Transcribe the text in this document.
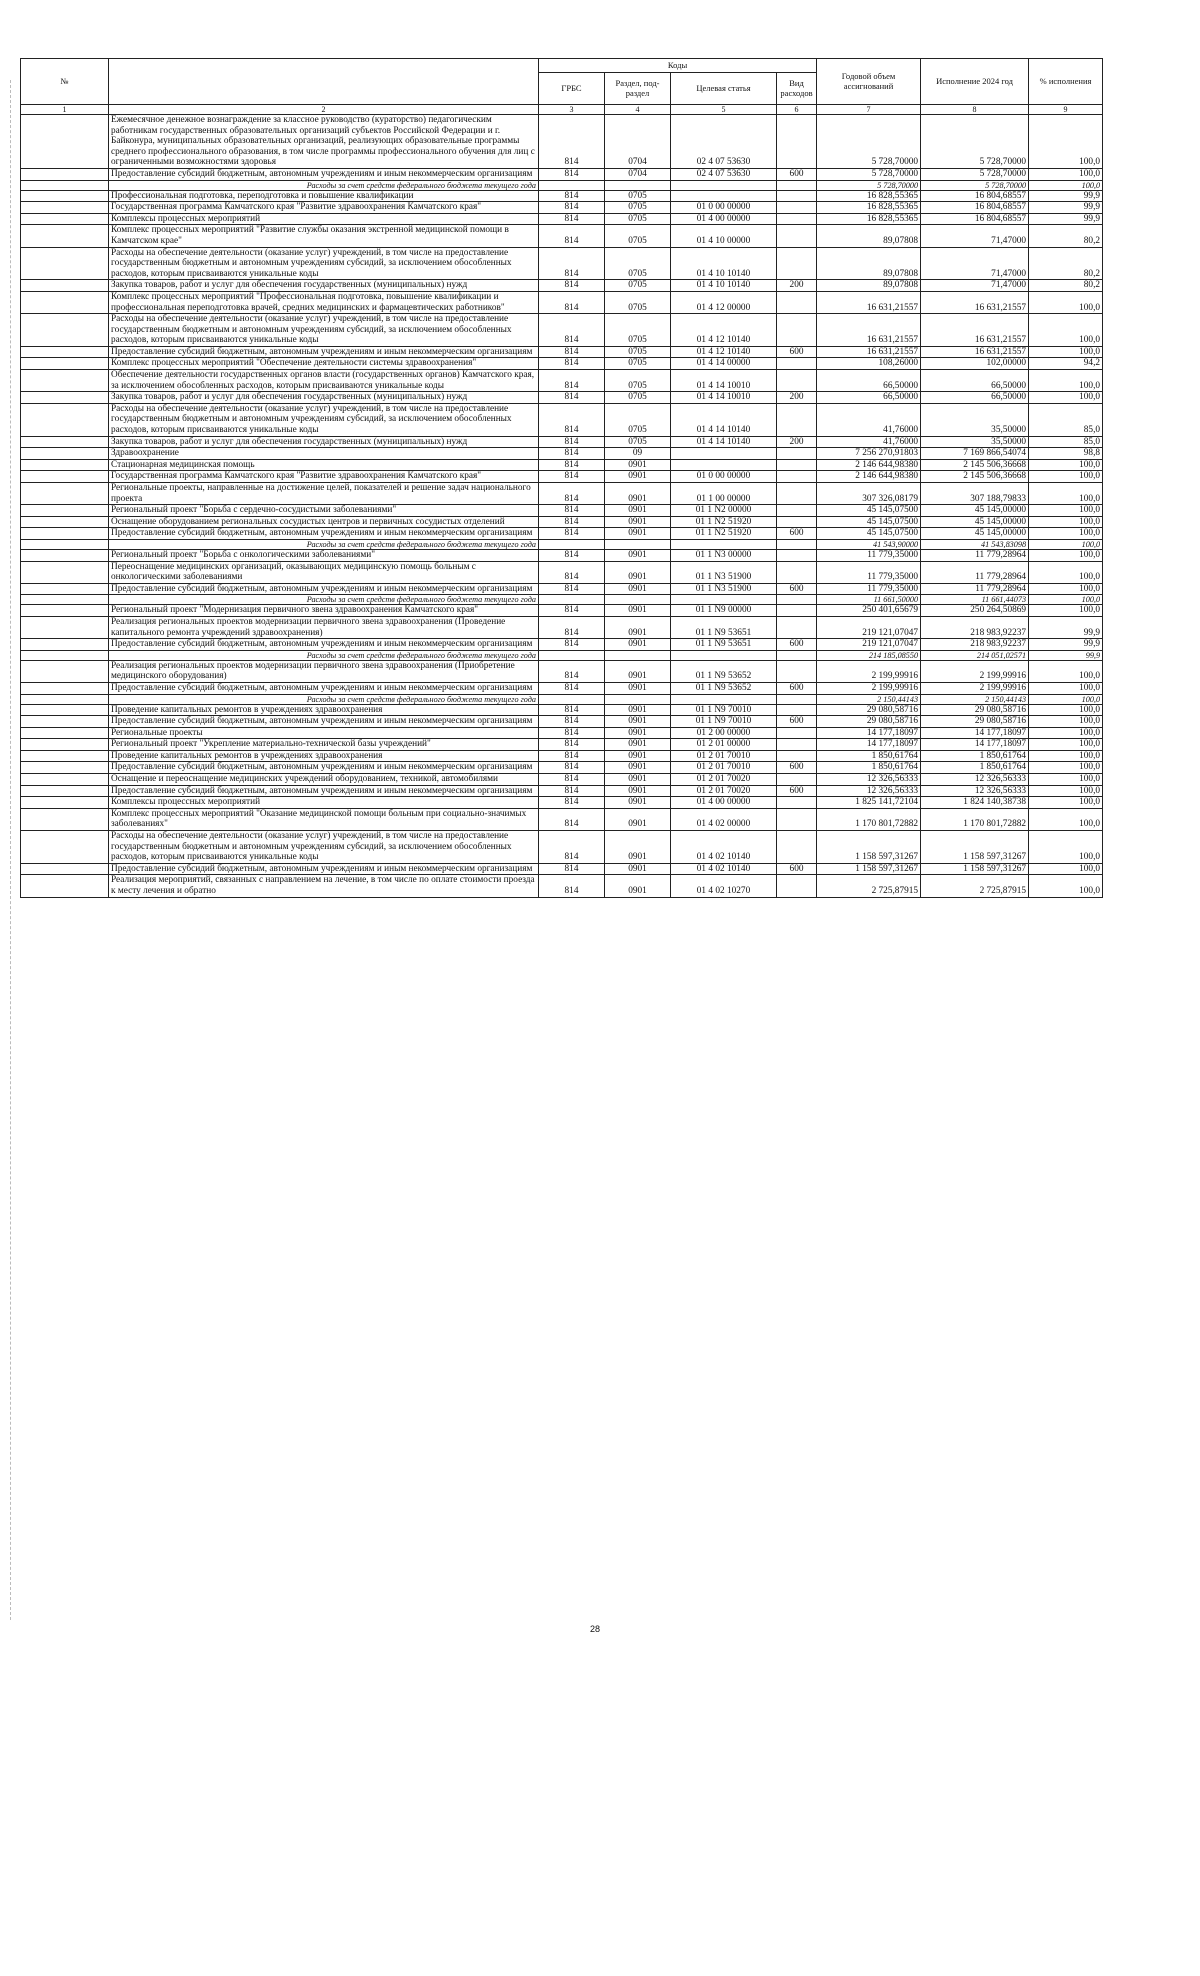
№		Коды				Годовой объем ассигнований	Исполнение 2024 год	% исполнения
		ГРБС	Раздел, под-раздел	Целевая статья	Вид расходов			
1	2	3	4	5	6	7	8	9
	Ежемесячное денежное вознаграждение за классное руководство (кураторство) педагогическим работникам государственных образовательных организаций субъектов Российской Федерации и г. Байконура, муниципальных образовательных организаций, реализующих образовательные программы среднего профессионального образования, в том числе программы профессионального обучения для лиц с ограниченными возможностями здоровья	814	0704	02 4 07 53630		5 728,70000	5 728,70000	100,0
	Предоставление субсидий бюджетным, автономным учреждениям и иным некоммерческим организациям	814	0704	02 4 07 53630	600	5 728,70000	5 728,70000	100,0
	Расходы за счет средств федерального бюджета текущего года					5 728,70000	5 728,70000	100,0
	Профессиональная подготовка, переподготовка и повышение квалификации	814	0705			16 828,55365	16 804,68557	99,9
	Государственная программа Камчатского края "Развитие здравоохранения Камчатского края"	814	0705	01 0 00 00000		16 828,55365	16 804,68557	99,9
	Комплексы процессных мероприятий	814	0705	01 4 00 00000		16 828,55365	16 804,68557	99,9
	Комплекс процессных мероприятий "Развитие службы оказания экстренной медицинской помощи в Камчатском крае"	814	0705	01 4 10 00000		89,07808	71,47000	80,2
	Расходы на обеспечение деятельности (оказание услуг) учреждений, в том числе на предоставление государственным бюджетным и автономным учреждениям субсидий, за исключением обособленных расходов, которым присваиваются уникальные коды	814	0705	01 4 10 10140		89,07808	71,47000	80,2
	Закупка товаров, работ и услуг для обеспечения государственных (муниципальных) нужд	814	0705	01 4 10 10140	200	89,07808	71,47000	80,2
	Комплекс процессных мероприятий "Профессиональная подготовка, повышение квалификации и профессиональная переподготовка врачей, средних медицинских и фармацевтических работников"	814	0705	01 4 12 00000		16 631,21557	16 631,21557	100,0
	Расходы на обеспечение деятельности (оказание услуг) учреждений, в том числе на предоставление государственным бюджетным и автономным учреждениям субсидий, за исключением обособленных расходов, которым присваиваются уникальные коды	814	0705	01 4 12 10140		16 631,21557	16 631,21557	100,0
	Предоставление субсидий бюджетным, автономным учреждениям и иным некоммерческим организациям	814	0705	01 4 12 10140	600	16 631,21557	16 631,21557	100,0
	Комплекс процессных мероприятий "Обеспечение деятельности системы здравоохранения"	814	0705	01 4 14 00000		108,26000	102,00000	94,2
	Обеспечение деятельности государственных органов власти (государственных органов) Камчатского края, за исключением обособленных расходов, которым присваиваются уникальные коды	814	0705	01 4 14 10010		66,50000	66,50000	100,0
	Закупка товаров, работ и услуг для обеспечения государственных (муниципальных) нужд	814	0705	01 4 14 10010	200	66,50000	66,50000	100,0
	Расходы на обеспечение деятельности (оказание услуг) учреждений, в том числе на предоставление государственным бюджетным и автономным учреждениям субсидий, за исключением обособленных расходов, которым присваиваются уникальные коды	814	0705	01 4 14 10140		41,76000	35,50000	85,0
	Закупка товаров, работ и услуг для обеспечения государственных (муниципальных) нужд	814	0705	01 4 14 10140	200	41,76000	35,50000	85,0
	Здравоохранение	814	09			7 256 270,91803	7 169 866,54074	98,8
	Стационарная медицинская помощь	814	0901			2 146 644,98380	2 145 506,36668	100,0
	Государственная программа Камчатского края "Развитие здравоохранения Камчатского края"	814	0901	01 0 00 00000		2 146 644,98380	2 145 506,36668	100,0
	Региональные проекты, направленные на достижение целей, показателей и решение задач национального проекта	814	0901	01 1 00 00000		307 326,08179	307 188,79833	100,0
	Региональный проект "Борьба с сердечно-сосудистыми заболеваниями"	814	0901	01 1 N2 00000		45 145,07500	45 145,00000	100,0
	Оснащение оборудованием региональных сосудистых центров и первичных сосудистых отделений	814	0901	01 1 N2 51920		45 145,07500	45 145,00000	100,0
	Предоставление субсидий бюджетным, автономным учреждениям и иным некоммерческим организациям	814	0901	01 1 N2 51920	600	45 145,07500	45 145,00000	100,0
	Расходы за счет средств федерального бюджета текущего года					41 543,90000	41 543,83098	100,0
	Региональный проект "Борьба с онкологическими заболеваниями"	814	0901	01 1 N3 00000		11 779,35000	11 779,28964	100,0
	Переоснащение медицинских организаций, оказывающих медицинскую помощь больным с онкологическими заболеваниями	814	0901	01 1 N3 51900		11 779,35000	11 779,28964	100,0
	Предоставление субсидий бюджетным, автономным учреждениям и иным некоммерческим организациям	814	0901	01 1 N3 51900	600	11 779,35000	11 779,28964	100,0
	Расходы за счет средств федерального бюджета текущего года					11 661,50000	11 661,44073	100,0
	Региональный проект "Модернизация первичного звена здравоохранения Камчатского края"	814	0901	01 1 N9 00000		250 401,65679	250 264,50869	100,0
	Реализация региональных проектов модернизации первичного звена здравоохранения (Проведение капитального ремонта учреждений здравоохранения)	814	0901	01 1 N9 53651		219 121,07047	218 983,92237	99,9
	Предоставление субсидий бюджетным, автономным учреждениям и иным некоммерческим организациям	814	0901	01 1 N9 53651	600	219 121,07047	218 983,92237	99,9
	Расходы за счет средств федерального бюджета текущего года					214 185,08550	214 051,02571	99,9
	Реализация региональных проектов модернизации первичного звена здравоохранения (Приобретение медицинского оборудования)	814	0901	01 1 N9 53652		2 199,99916	2 199,99916	100,0
	Предоставление субсидий бюджетным, автономным учреждениям и иным некоммерческим организациям	814	0901	01 1 N9 53652	600	2 199,99916	2 199,99916	100,0
	Расходы за счет средств федерального бюджета текущего года					2 150,44143	2 150,44143	100,0
	Проведение капитальных ремонтов в учреждениях здравоохранения	814	0901	01 1 N9 70010		29 080,58716	29 080,58716	100,0
	Предоставление субсидий бюджетным, автономным учреждениям и иным некоммерческим организациям	814	0901	01 1 N9 70010	600	29 080,58716	29 080,58716	100,0
	Региональные проекты	814	0901	01 2 00 00000		14 177,18097	14 177,18097	100,0
	Региональный проект "Укрепление материально-технической базы учреждений"	814	0901	01 2 01 00000		14 177,18097	14 177,18097	100,0
	Проведение капитальных ремонтов в учреждениях здравоохранения	814	0901	01 2 01 70010		1 850,61764	1 850,61764	100,0
	Предоставление субсидий бюджетным, автономным учреждениям и иным некоммерческим организациям	814	0901	01 2 01 70010	600	1 850,61764	1 850,61764	100,0
	Оснащение и переоснащение медицинских учреждений оборудованием, техникой, автомобилями	814	0901	01 2 01 70020		12 326,56333	12 326,56333	100,0
	Предоставление субсидий бюджетным, автономным учреждениям и иным некоммерческим организациям	814	0901	01 2 01 70020	600	12 326,56333	12 326,56333	100,0
	Комплексы процессных мероприятий	814	0901	01 4 00 00000		1 825 141,72104	1 824 140,38738	100,0
	Комплекс процессных мероприятий "Оказание медицинской помощи больным при социально-значимых заболеваниях"	814	0901	01 4 02 00000		1 170 801,72882	1 170 801,72882	100,0
	Расходы на обеспечение деятельности (оказание услуг) учреждений, в том числе на предоставление государственным бюджетным и автономным учреждениям субсидий, за исключением обособленных расходов, которым присваиваются уникальные коды	814	0901	01 4 02 10140		1 158 597,31267	1 158 597,31267	100,0
	Предоставление субсидий бюджетным, автономным учреждениям и иным некоммерческим организациям	814	0901	01 4 02 10140	600	1 158 597,31267	1 158 597,31267	100,0
	Реализация мероприятий, связанных с направлением на лечение, в том числе по оплате стоимости проезда к месту лечения и обратно	814	0901	01 4 02 10270		2 725,87915	2 725,87915	100,0
28
